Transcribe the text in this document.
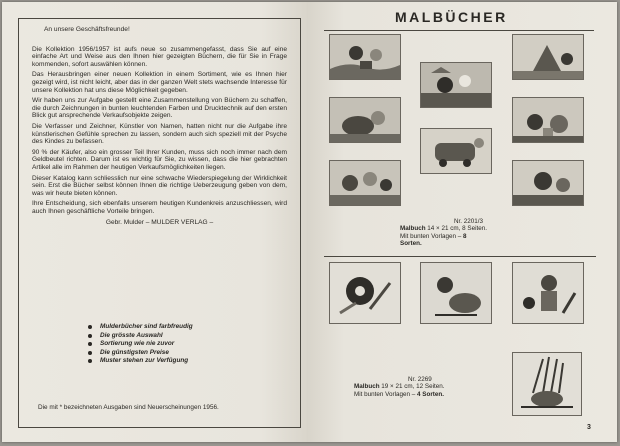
An unsere Geschäftsfreunde!

Die Kollektion 1956/1957 ist aufs neue so zusammengefasst, dass Sie auf eine einfache Art und Weise aus den Ihnen hier gezeigten Büchern, die für Sie in Frage kommenden, sofort auswählen können.

Das Herausbringen einer neuen Kollektion in einem Sortiment, wie es Ihnen hier gezeigt wird, ist nicht leicht, aber das in der ganzen Welt stets wachsende Interesse für unsere Kollektion hat uns diese Möglichkeit gegeben.

Wir haben uns zur Aufgabe gestellt eine Zusammenstellung von Büchern zu schaffen, die durch Zeichnungen in bunten leuchtenden Farben und Drucktechnik auf den ersten Blick gut ansprechende Verkaufsobjekte zeigen.

Die Verfasser und Zeichner, Künstler von Namen, hatten nicht nur die Aufgabe ihre künstlerischen Gefühle sprechen zu lassen, sondern auch sich speziell mit der Psyche des Kindes zu befassen.

90 % der Käufer, also ein grosser Teil Ihrer Kunden, muss sich noch immer nach dem Geldbeutel richten. Darum ist es wichtig für Sie, zu wissen, dass die hier gebrachten Artikel alle im Rahmen der heutigen Verkaufsmöglichkeiten liegen.

Dieser Katalog kann schliesslich nur eine schwache Wiederspiegelung der Wirklichkeit sein. Erst die Bücher selbst können Ihnen die richtige Ueberzeugung geben von dem, was wir heute bieten können.

Ihre Entscheidung, sich ebenfalls unserem heutigen Kundenkreis anzuschliessen, wird auch Ihnen geschäftliche Vorteile bringen.

Gebr. Mulder – MULDER VERLAG –

Mulderbücher sind farbfreudig
Die grösste Auswahl
Sortierung wie nie zuvor
Die günstigsten Preise
Muster stehen zur Verfügung
Die mit * bezeichneten Ausgaben sind Neuerscheinungen 1956.
MALBÜCHER
Nr. 2201/3
Malbuch 14 × 21 cm, 8 Seiten. Mit bunten Vorlagen – 8 Sorten.
Nr. 2269
Malbuch 19 × 21 cm, 12 Seiten. Mit bunten Vorlagen – 4 Sorten.
3
